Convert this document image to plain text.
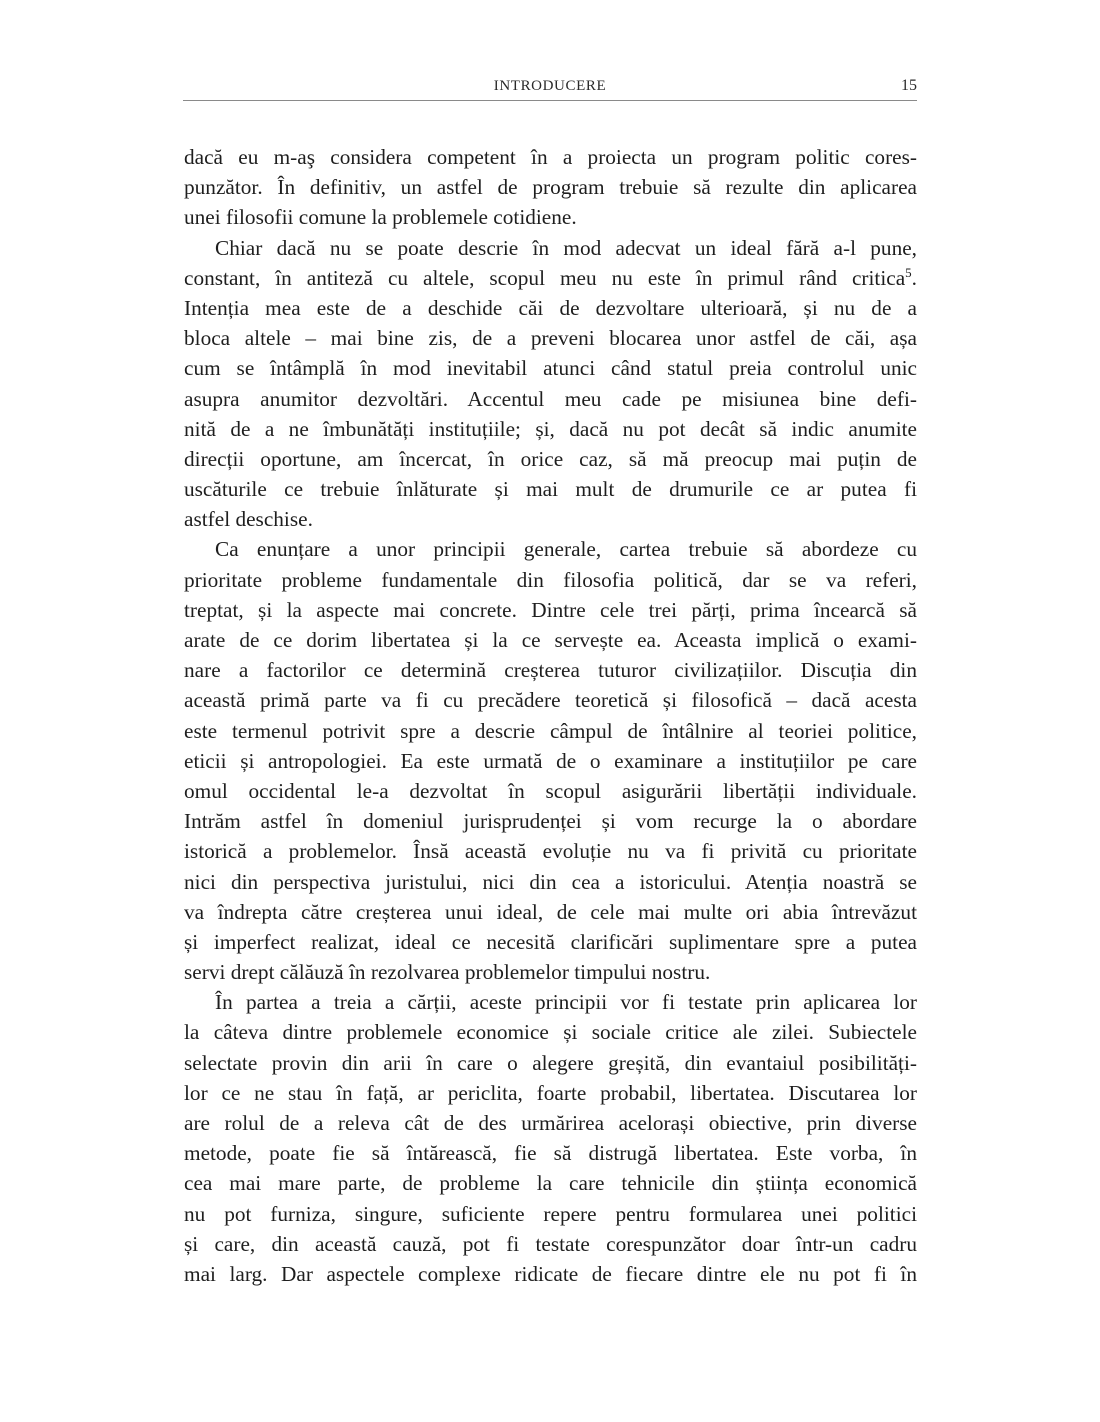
INTRODUCERE	15
dacă eu m-aş considera competent în a proiecta un program politic cores-
punzător. În definitiv, un astfel de program trebuie să rezulte din aplicarea
unei filosofii comune la problemele cotidiene.
Chiar dacă nu se poate descrie în mod adecvat un ideal fără a-l pune,
constant, în antiteză cu altele, scopul meu nu este în primul rând critica$^5$.
Intenția mea este de a deschide căi de dezvoltare ulterioară, și nu de a
bloca altele – mai bine zis, de a preveni blocarea unor astfel de căi, așa
cum se întâmplă în mod inevitabil atunci când statul preia controlul unic
asupra anumitor dezvoltări. Accentul meu cade pe misiunea bine defi-
nită de a ne îmbunătăți instituțiile; și, dacă nu pot decât să indic anumite
direcții oportune, am încercat, în orice caz, să mă preocup mai puțin de
uscăturile ce trebuie înlăturate și mai mult de drumurile ce ar putea fi
astfel deschise.
Ca enunțare a unor principii generale, cartea trebuie să abordeze cu
prioritate probleme fundamentale din filosofia politică, dar se va referi,
treptat, și la aspecte mai concrete. Dintre cele trei părți, prima încearcă să
arate de ce dorim libertatea și la ce servește ea. Aceasta implică o exami-
nare a factorilor ce determină creșterea tuturor civilizațiilor. Discuția din
această primă parte va fi cu precădere teoretică și filosofică – dacă acesta
este termenul potrivit spre a descrie câmpul de întâlnire al teoriei politice,
eticii și antropologiei. Ea este urmată de o examinare a instituțiilor pe care
omul occidental le-a dezvoltat în scopul asigurării libertății individuale.
Intrăm astfel în domeniul jurisprudenței și vom recurge la o abordare
istorică a problemelor. Însă această evoluție nu va fi privită cu prioritate
nici din perspectiva juristului, nici din cea a istoricului. Atenția noastră se
va îndrepta către creșterea unui ideal, de cele mai multe ori abia întrevăzut
și imperfect realizat, ideal ce necesită clarificări suplimentare spre a putea
servi drept călăuză în rezolvarea problemelor timpului nostru.
În partea a treia a cărții, aceste principii vor fi testate prin aplicarea lor
la câteva dintre problemele economice și sociale critice ale zilei. Subiectele
selectate provin din arii în care o alegere greșită, din evantaiul posibilități-
lor ce ne stau în față, ar periclita, foarte probabil, libertatea. Discutarea lor
are rolul de a releva cât de des urmărirea acelorași obiective, prin diverse
metode, poate fie să întărească, fie să distrugă libertatea. Este vorba, în
cea mai mare parte, de probleme la care tehnicile din știința economică
nu pot furniza, singure, suficiente repere pentru formularea unei politici
și care, din această cauză, pot fi testate corespunzător doar într-un cadru
mai larg. Dar aspectele complexe ridicate de fiecare dintre ele nu pot fi în
